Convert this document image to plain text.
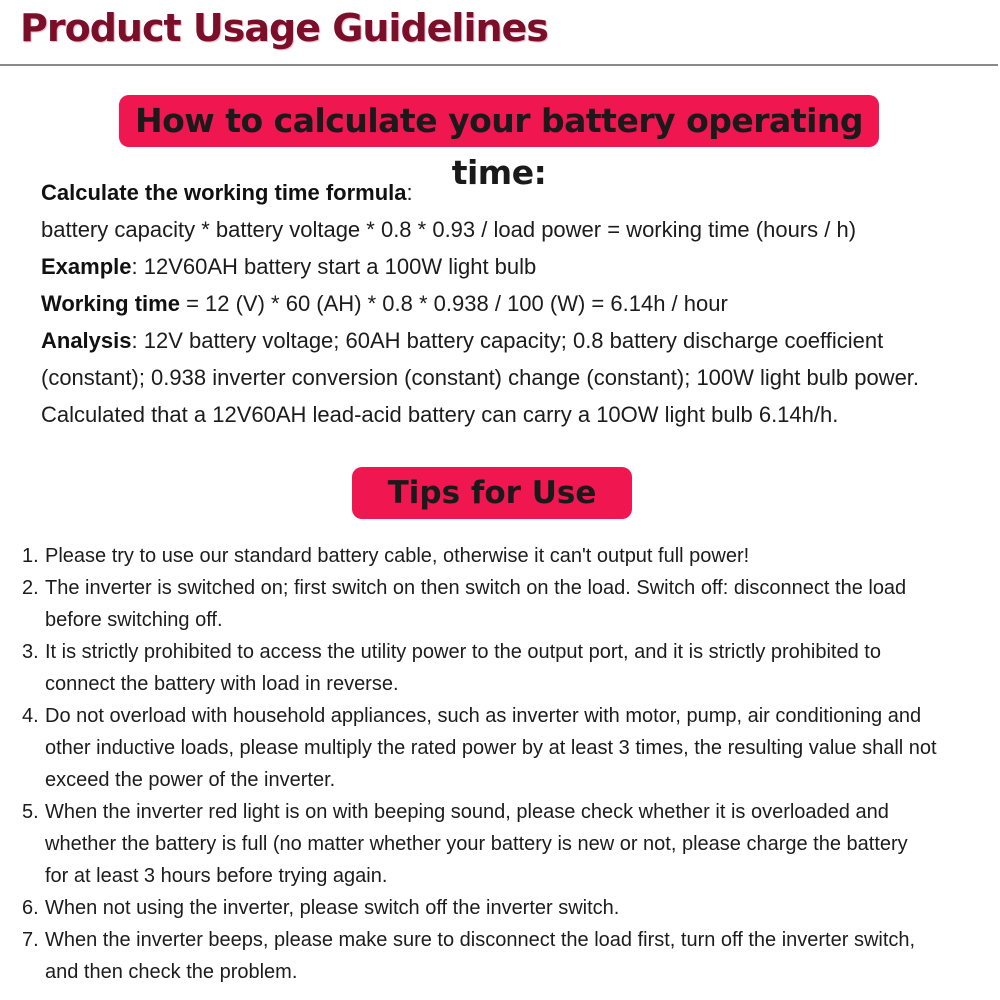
Product Usage Guidelines
How to calculate your battery operating time:

Calculate the working time formula:

battery capacity * battery voltage * 0.8 * 0.93 / load power = working time (hours / h)

Example: 12V60AH battery start a 100W light bulb

Working time = 12 (V) * 60 (AH) * 0.8 * 0.938 / 100 (W) = 6.14h / hour

Analysis: 12V battery voltage; 60AH battery capacity; 0.8 battery discharge coefficient

(constant); 0.938 inverter conversion (constant) change (constant); 100W light bulb power.

Calculated that a 12V60AH lead-acid battery can carry a 10OW light bulb 6.14h/h.

Tips for Use
1. Please try to use our standard battery cable, otherwise it can't output full power!
2. The inverter is switched on; first switch on then switch on the load. Switch off: disconnect the load
before switching off.
3. It is strictly prohibited to access the utility power to the output port, and it is strictly prohibited to
connect the battery with load in reverse.
4. Do not overload with household appliances, such as inverter with motor, pump, air conditioning and
other inductive loads, please multiply the rated power by at least 3 times, the resulting value shall not
exceed the power of the inverter.
5. When the inverter red light is on with beeping sound, please check whether it is overloaded and
whether the battery is full (no matter whether your battery is new or not, please charge the battery
for at least 3 hours before trying again.
6. When not using the inverter, please switch off the inverter switch.
7. When the inverter beeps, please make sure to disconnect the load first, turn off the inverter switch,
and then check the problem.
